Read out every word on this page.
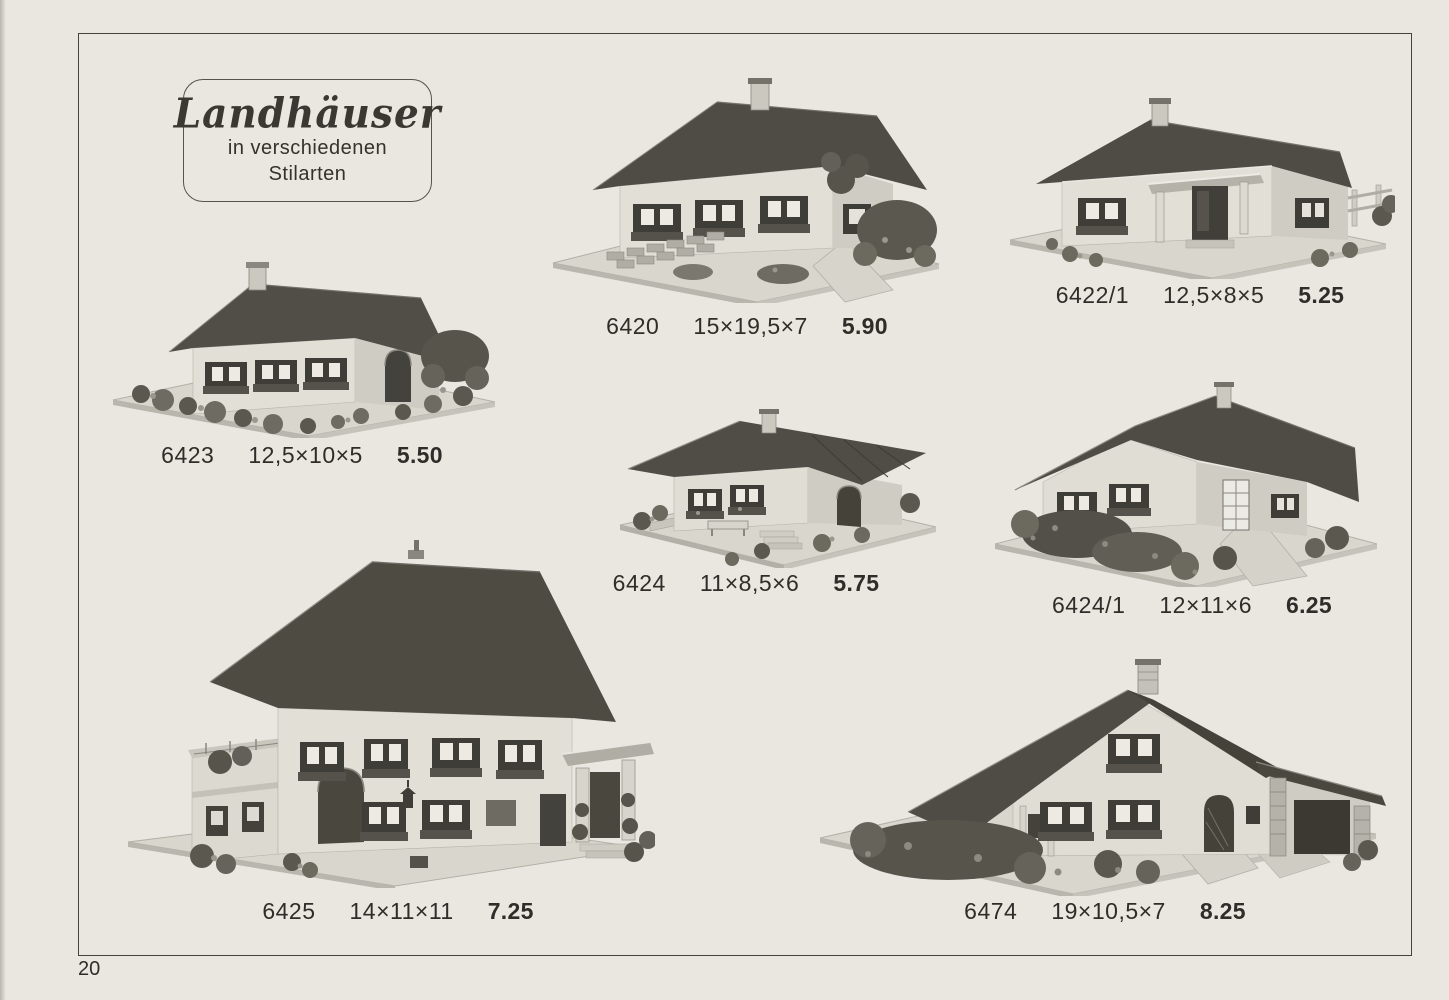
Landhäuser
in verschiedenen
Stilarten
6423 12,5×10×5 5.50
6420 15×19,5×7 5.90
6422/1 12,5×8×5 5.25
6424 11×8,5×6 5.75
6424/1 12×11×6 6.25
6425 14×11×11 7.25	6474 19×10,5×7 8.25
20
